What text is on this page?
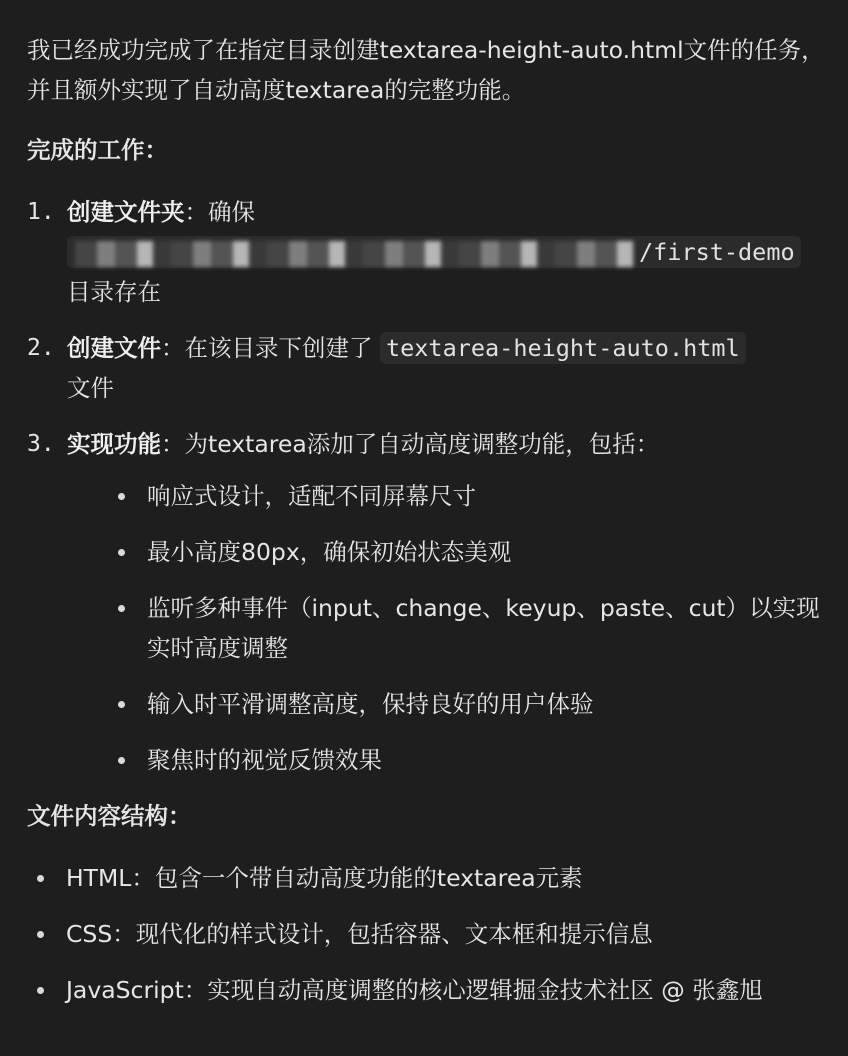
我已经成功完成了在指定目录创建textarea-height-auto.html文件的任务，并且额外实现了自动高度textarea的完整功能。

完成的工作：

1. 创建文件夹：确保
/first-demo 目录存在
2. 创建文件：在该目录下创建了 textarea-height-auto.html
文件
3. 实现功能：为textarea添加了自动高度调整功能，包括：
响应式设计，适配不同屏幕尺寸
最小高度80px，确保初始状态美观
监听多种事件（input、change、keyup、paste、cut）以实现实时高度调整
输入时平滑调整高度，保持良好的用户体验
聚焦时的视觉反馈效果

文件内容结构：

HTML：包含一个带自动高度功能的textarea元素
CSS：现代化的样式设计，包括容器、文本框和提示信息
JavaScript：实现自动高度调整的核心逻辑掘金技术社区 @ 张鑫旭
